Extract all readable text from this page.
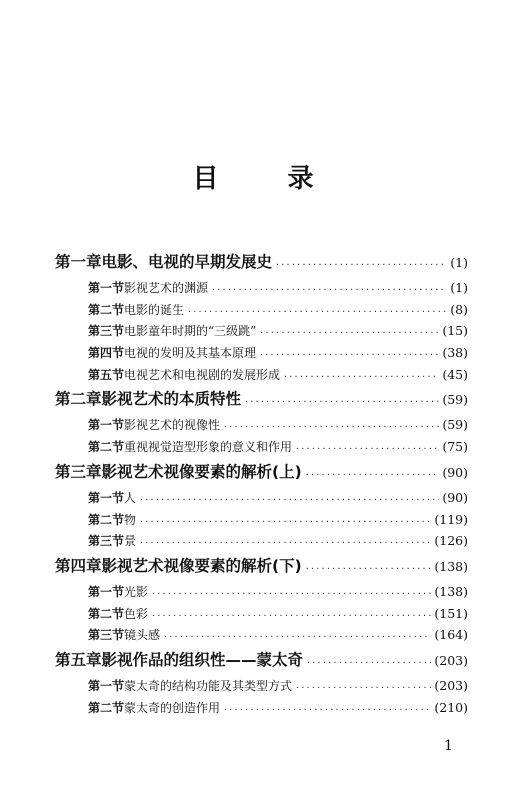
目 录
第一章 电影、电视的早期发展史 ·····	(1)
第一节 影视艺术的渊源 ·····	(1)
第二节 电影的诞生 ·····	(8)
第三节 电影童年时期的“三级跳” ·····	(15)
第四节 电视的发明及其基本原理 ·····	(38)
第五节 电视艺术和电视剧的发展形成 ·····	(45)
第二章 影视艺术的本质特性 ·····	(59)
第一节 影视艺术的视像性 ·····	(59)
第二节 重视视觉造型形象的意义和作用 ·····	(75)
第三章 影视艺术视像要素的解析(上) ·····	(90)
第一节 人 ·····	(90)
第二节 物 ·····	(119)
第三节 景 ·····	(126)
第四章 影视艺术视像要素的解析(下) ·····	(138)
第一节 光影 ·····	(138)
第二节 色彩 ·····	(151)
第三节 镜头感 ·····	(164)
第五章 影视作品的组织性——蒙太奇 ·····	(203)
第一节 蒙太奇的结构功能及其类型方式 ·····	(203)
第二节 蒙太奇的创造作用 ·····	(210)
1
